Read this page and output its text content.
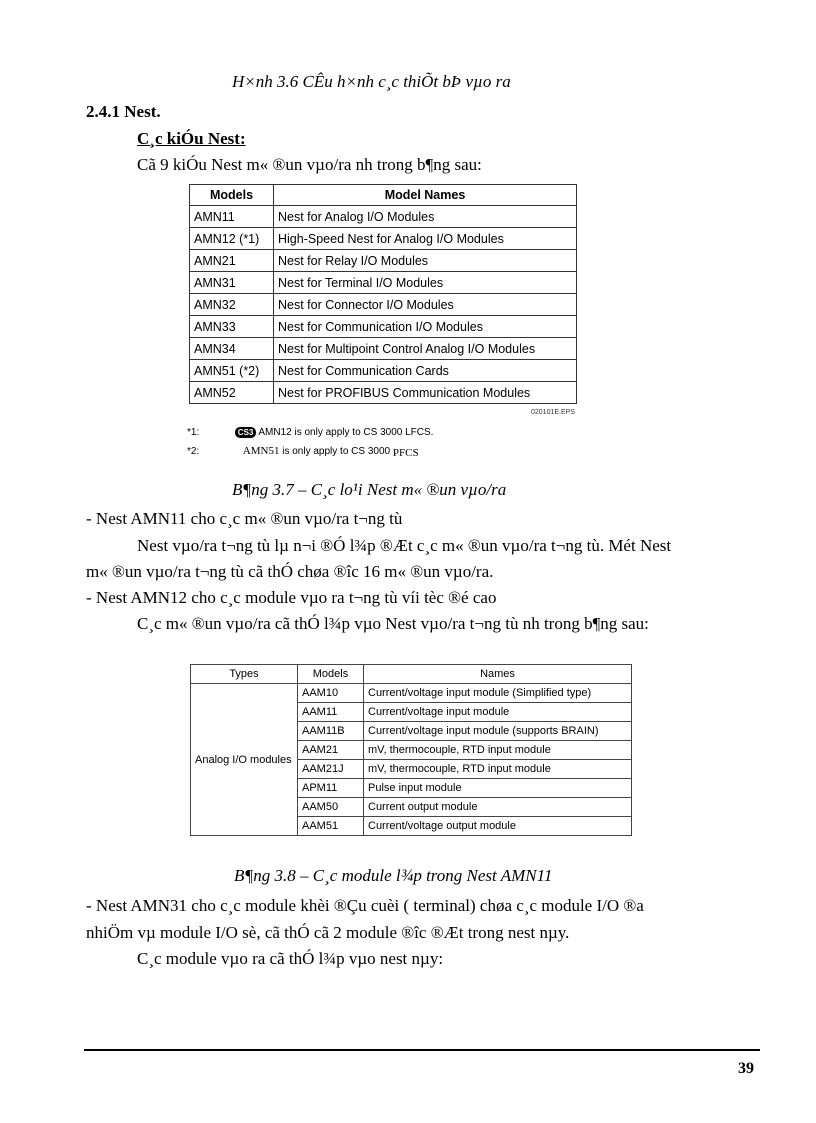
H×nh 3.6 CÊu h×nh c¸c thiÕt bÞ vµo ra
2.4.1 Nest.
C¸c kiÓu Nest:
Cã 9 kiÓu Nest m« ®un vµo/ra nh trong b¶ng sau:
Models	Model Names
AMN11	Nest for Analog I/O Modules
AMN12 (*1)	High-Speed Nest for Analog I/O Modules
AMN21	Nest for Relay I/O Modules
AMN31	Nest for Terminal I/O Modules
AMN32	Nest for Connector I/O Modules
AMN33	Nest for Communication I/O Modules
AMN34	Nest for Multipoint Control Analog I/O Modules
AMN51 (*2)	Nest for Communication Cards
AMN52	Nest for PROFIBUS Communication Modules
020101E.EPS
*1:	CS3 AMN12 is only apply to CS 3000 LFCS.
*2:	AMN51 is only apply to CS 3000 PFCS
B¶ng 3.7 – C¸c lo¹i Nest m« ®un vµo/ra
- Nest AMN11 cho c¸c m« ®un vµo/ra t¬ng tù
Nest vµo/ra t¬ng tù lµ n¬i ®Ó l¾p ®Æt c¸c m« ®un vµo/ra t¬ng tù. Mét Nest
m« ®un vµo/ra t¬ng tù cã thÓ chøa ®îc 16 m« ®un vµo/ra.
- Nest AMN12 cho c¸c module vµo ra t¬ng tù víi tèc ®é cao
C¸c m« ®un vµo/ra cã thÓ l¾p vµo Nest vµo/ra t¬ng tù nh trong b¶ng sau:
Types	Models	Names
Analog I/O modules	AAM10	Current/voltage input module (Simplified type)
	AAM11	Current/voltage input module
	AAM11B	Current/voltage input module (supports BRAIN)
	AAM21	mV, thermocouple, RTD input module
	AAM21J	mV, thermocouple, RTD input module
	APM11	Pulse input module
	AAM50	Current output module
	AAM51	Current/voltage output module
B¶ng 3.8 – C¸c module l¾p trong Nest AMN11
- Nest AMN31 cho c¸c module khèi ®Çu cuèi ( terminal) chøa c¸c module I/O ®a
nhiÖm vµ module I/O sè, cã thÓ cã 2 module ®îc ®Æt trong nest nµy.
C¸c module vµo ra cã thÓ l¾p vµo nest nµy:
39
